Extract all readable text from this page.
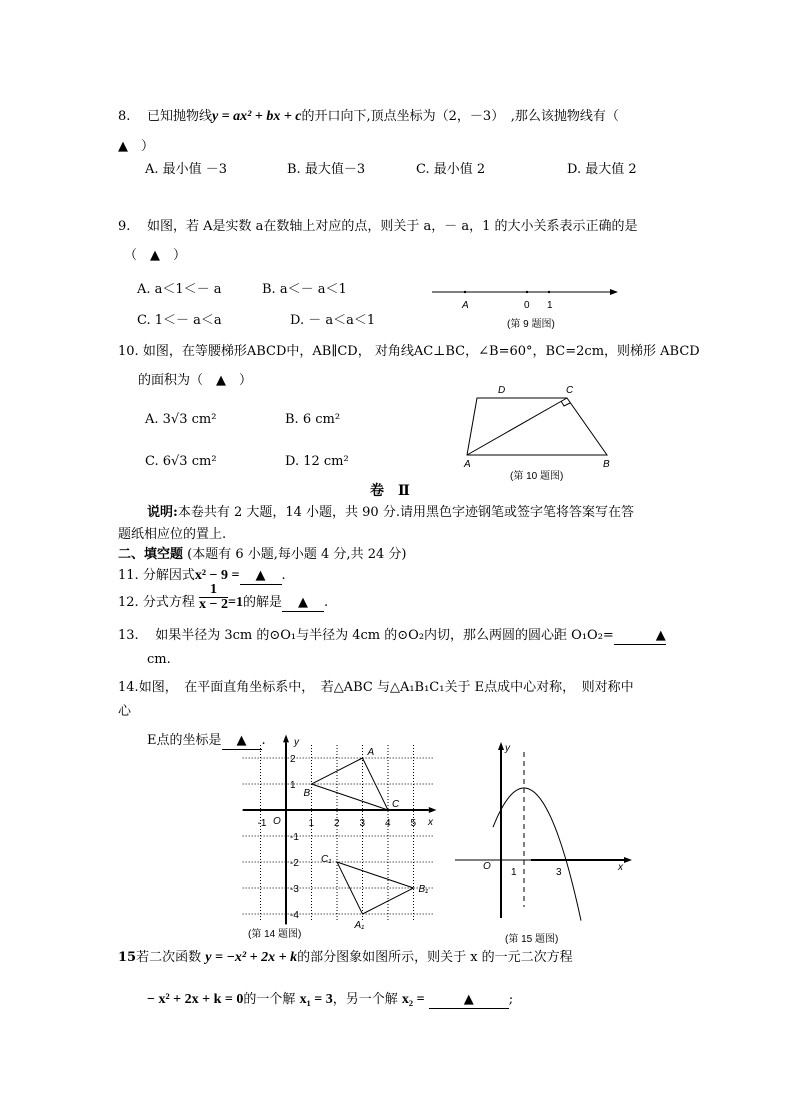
8. 已知抛物线y = ax² + bx + c的开口向下,顶点坐标为（2，－3）　,那么该抛物线有（
▲　）
A. 最小值 －3	B. 最大值－3	C. 最小值 2	D. 最大值 2
9. 如图，若 A是实数 a在数轴上对应的点，则关于 a，－ a，1 的大小关系表示正确的是
（　▲　）
A. a＜1＜－ a	B. a＜－ a＜1
C. 1＜－ a＜a	D. － a＜a＜1
10. 如图，在等腰梯形ABCD中，AB∥CD， 对角线AC⊥BC，∠B=60°，BC=2cm，则梯形 ABCD
的面积为（　▲　）
A. 3√3 cm²	B. 6 cm²
C. 6√3 cm²	D. 12 cm²
卷　Ⅱ
说明:本卷共有 2 大题，14 小题，共 90 分.请用黑色字迹钢笔或签字笔将答案写在答
题纸相应位的置上.
二、填空题 (本题有 6 小题,每小题 4 分,共 24 分)
11. 分解因式x² − 9 = ▲ .
12. 分式方程 $\frac{1}{x - 2} =1$的解是 ▲ .
13. 如果半径为 3cm 的⊙O₁与半径为 4cm 的⊙O₂内切，那么两圆的圆心距 O₁O₂=	▲
cm.
14.如图，　在平面直角坐标系中，　若△ABC 与△A₁B₁C₁关于 E点成中心对称，　则对称中
心
E点的坐标是 ▲ .
15若二次函数 y = −x² + 2x + k的部分图象如图所示，则关于 x 的一元二次方程
− x² + 2x + k = 0的一个解 x₁ = 3，另一个解 x₂ =	▲	;
A	0 1
(第 9 题图)
D	C
A	B
(第 10 题图)
-1	1 2 3 4 5
2
1
-1
-2
-3
-4
A
B
C
A₁
B₁
C₁
y
x
O
(第 14 题图)
y
x
O
1	3
(第 15 题图)
